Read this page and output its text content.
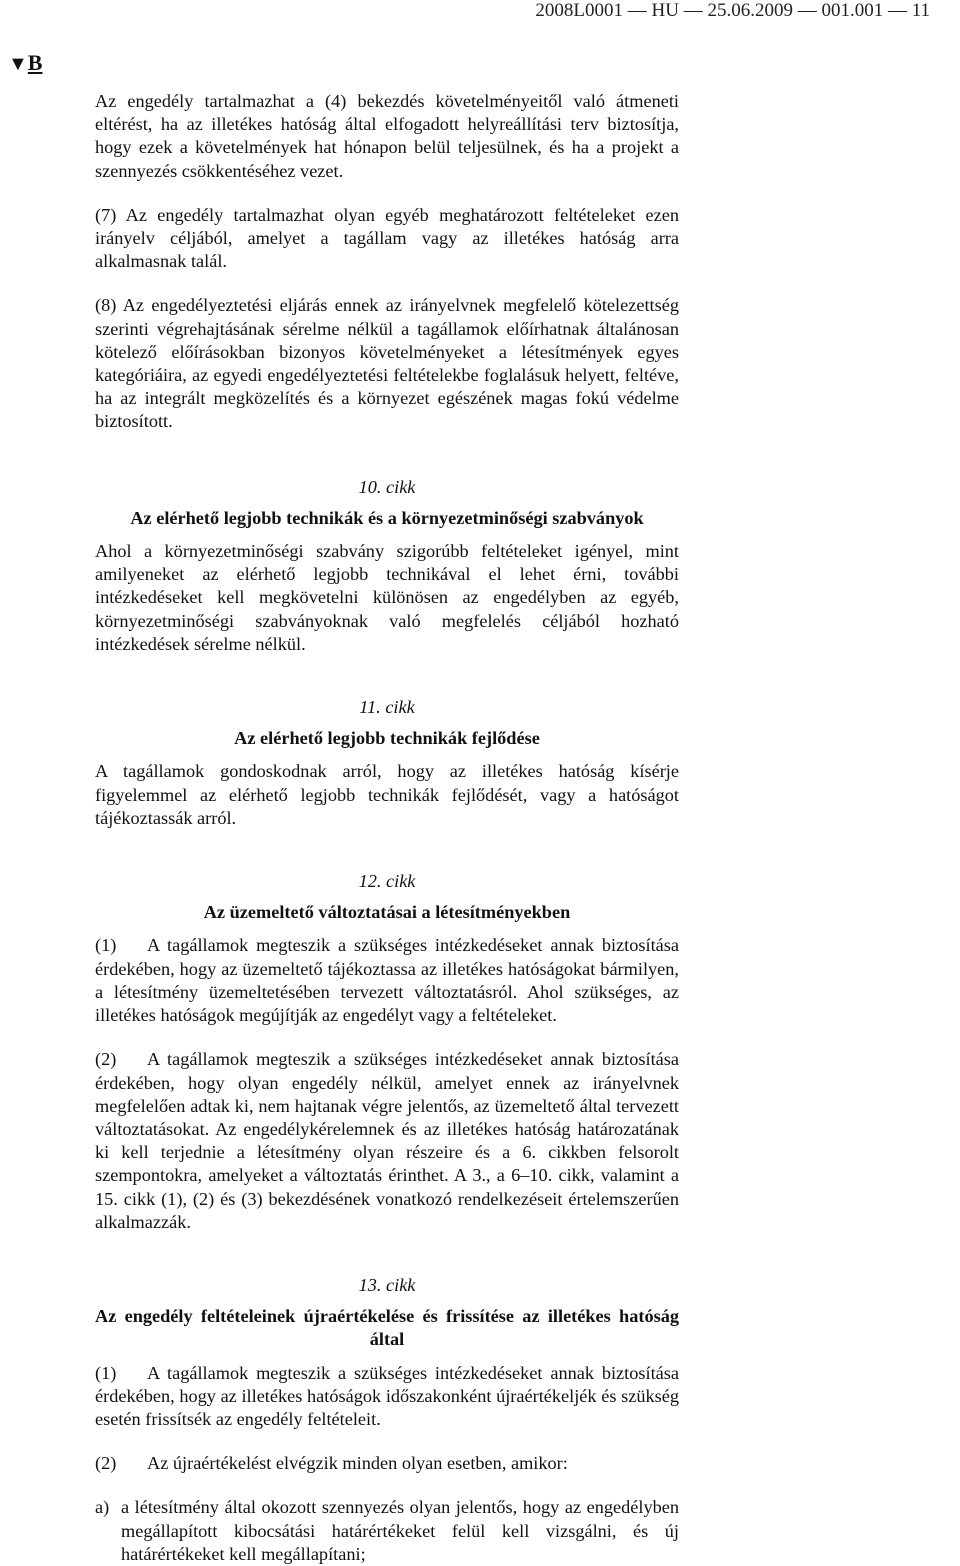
2008L0001 — HU — 25.06.2009 — 001.001 — 11
▼B

Az engedély tartalmazhat a (4) bekezdés követelményeitől való átmeneti eltérést, ha az illetékes hatóság által elfogadott helyreállítási terv biztosítja, hogy ezek a követelmények hat hónapon belül teljesülnek, és ha a projekt a szennyezés csökkentéséhez vezet.

(7) Az engedély tartalmazhat olyan egyéb meghatározott feltételeket ezen irányelv céljából, amelyet a tagállam vagy az illetékes hatóság arra alkalmasnak talál.

(8) Az engedélyeztetési eljárás ennek az irányelvnek megfelelő kötelezettség szerinti végrehajtásának sérelme nélkül a tagállamok előírhatnak általánosan kötelező előírásokban bizonyos követelményeket a létesítmények egyes kategóriáira, az egyedi engedélyeztetési feltételekbe foglalásuk helyett, feltéve, ha az integrált megközelítés és a környezet egészének magas fokú védelme biztosított.

10. cikk
Az elérhető legjobb technikák és a környezetminőségi szabványok

Ahol a környezetminőségi szabvány szigorúbb feltételeket igényel, mint amilyeneket az elérhető legjobb technikával el lehet érni, további intézkedéseket kell megkövetelni különösen az engedélyben az egyéb, környezetminőségi szabványoknak való megfelelés céljából hozható intézkedések sérelme nélkül.

11. cikk
Az elérhető legjobb technikák fejlődése

A tagállamok gondoskodnak arról, hogy az illetékes hatóság kísérje figyelemmel az elérhető legjobb technikák fejlődését, vagy a hatóságot tájékoztassák arról.

12. cikk
Az üzemeltető változtatásai a létesítményekben

(1) A tagállamok megteszik a szükséges intézkedéseket annak biztosítása érdekében, hogy az üzemeltető tájékoztassa az illetékes hatóságokat bármilyen, a létesítmény üzemeltetésében tervezett változtatásról. Ahol szükséges, az illetékes hatóságok megújítják az engedélyt vagy a feltételeket.

(2) A tagállamok megteszik a szükséges intézkedéseket annak biztosítása érdekében, hogy olyan engedély nélkül, amelyet ennek az irányelvnek megfelelően adtak ki, nem hajtanak végre jelentős, az üzemeltető által tervezett változtatásokat. Az engedélykérelemnek és az illetékes hatóság határozatának ki kell terjednie a létesítmény olyan részeire és a 6. cikkben felsorolt szempontokra, amelyeket a változtatás érinthet. A 3., a 6–10. cikk, valamint a 15. cikk (1), (2) és (3) bekezdésének vonatkozó rendelkezéseit értelemszerűen alkalmazzák.

13. cikk
Az engedély feltételeinek újraértékelése és frissítése az illetékes hatóság által

(1) A tagállamok megteszik a szükséges intézkedéseket annak biztosítása érdekében, hogy az illetékes hatóságok időszakonként újraértékeljék és szükség esetén frissítsék az engedély feltételeit.

(2) Az újraértékelést elvégzik minden olyan esetben, amikor:

a) a létesítmény által okozott szennyezés olyan jelentős, hogy az engedélyben megállapított kibocsátási határértékeket felül kell vizsgálni, és új határértékeket kell megállapítani;
